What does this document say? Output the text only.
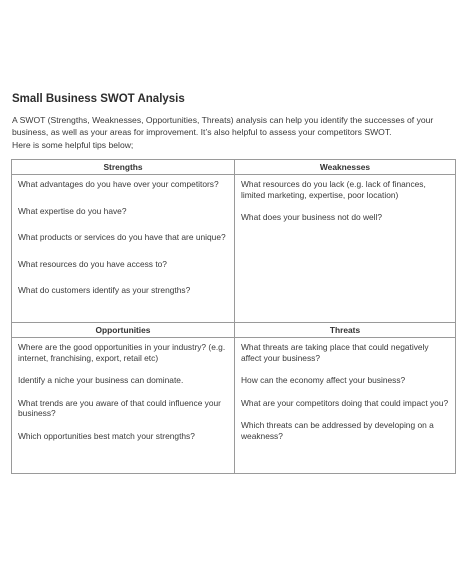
Small Business SWOT Analysis
A SWOT (Strengths, Weaknesses, Opportunities, Threats) analysis can help you identify the successes of your business, as well as your areas for improvement. It’s also helpful to assess your competitors SWOT.
Here is some helpful tips below;
Strengths
What advantages do you have over your competitors?
What expertise do you have?
What products or services do you have that are unique?
What resources do you have access to?
What do customers identify as your strengths?
Weaknesses
What resources do you lack (e.g. lack of finances, limited marketing, expertise, poor location)
What does your business not do well?
Opportunities
Where are the good opportunities in your industry? (e.g. internet, franchising, export, retail etc)
Identify a niche your business can dominate.
What trends are you aware of that could influence your business?
Which opportunities best match your strengths?
Threats
What threats are taking place that could negatively affect your business?
How can the economy affect your business?
What are your competitors doing that could impact you?
Which threats can be addressed by developing on a weakness?
